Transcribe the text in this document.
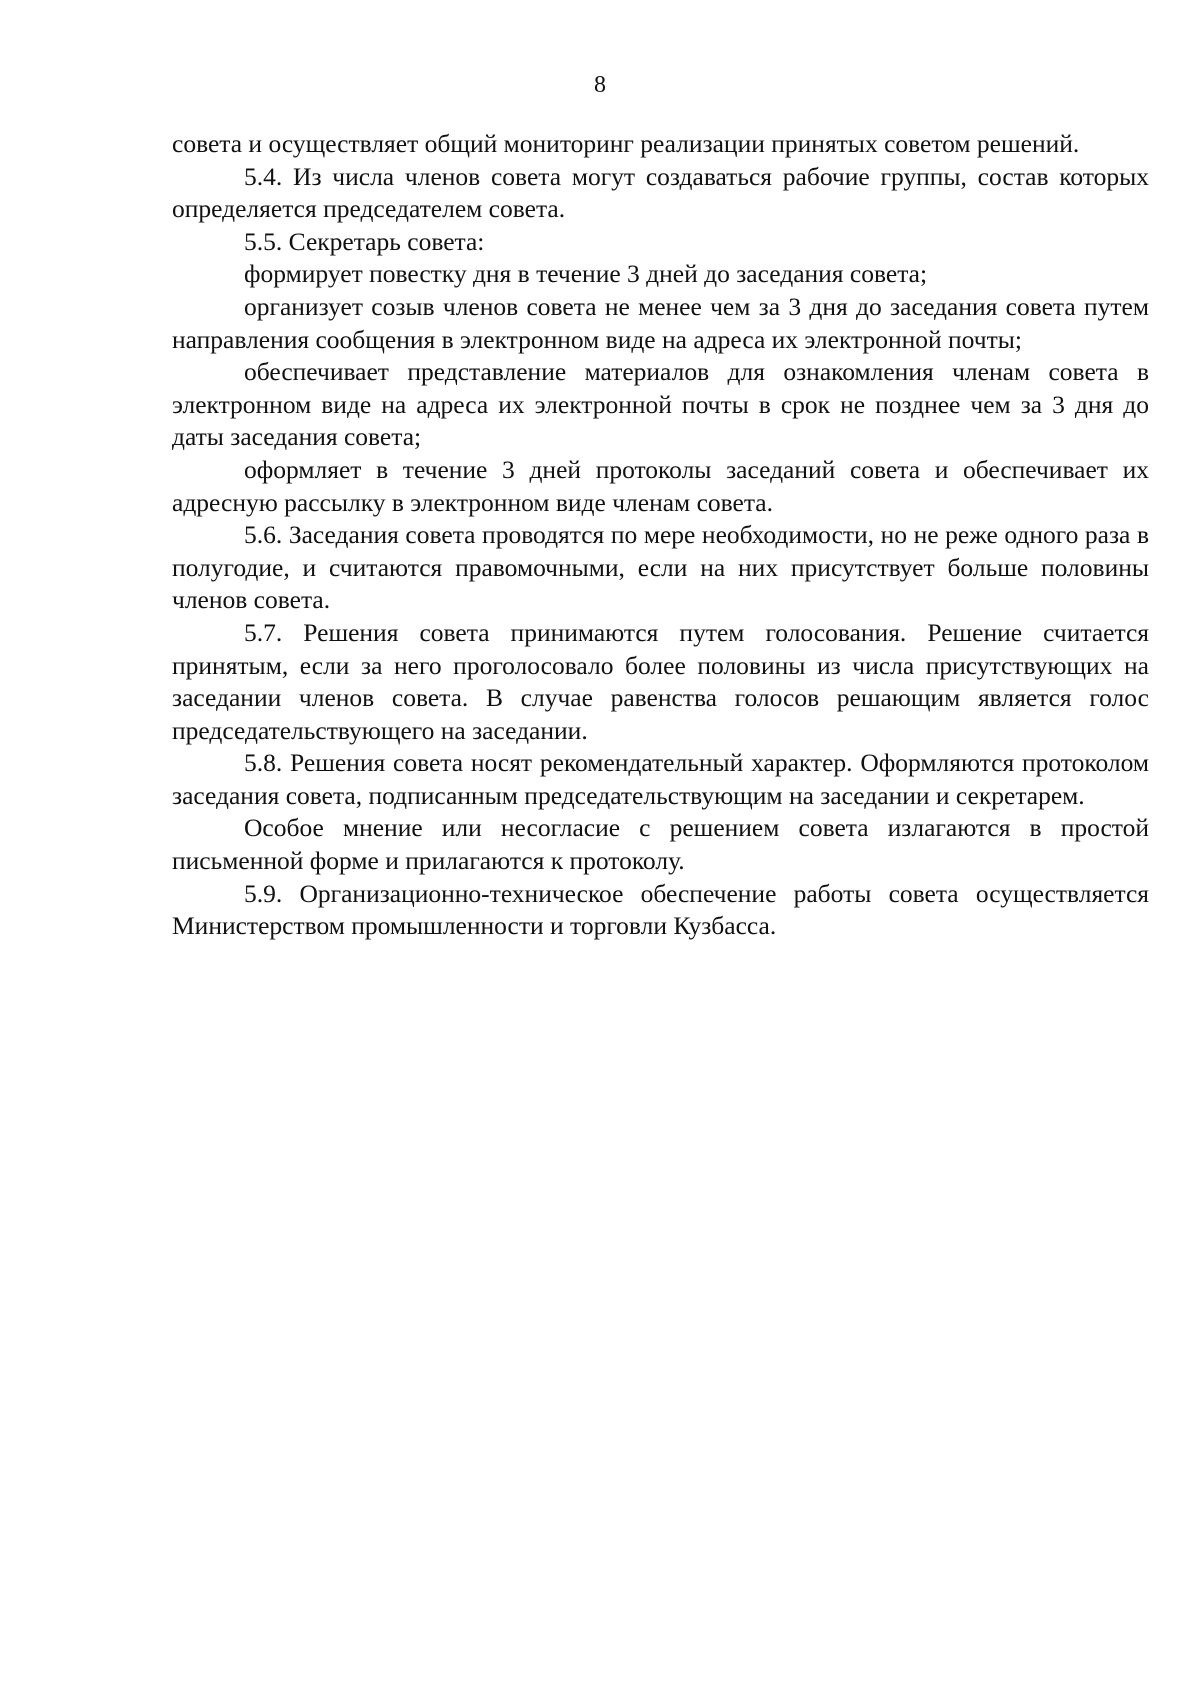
8

совета и осуществляет общий мониторинг реализации принятых советом решений.

5.4. Из числа членов совета могут создаваться рабочие группы, состав которых определяется председателем совета.

5.5. Секретарь совета:

формирует повестку дня в течение 3 дней до заседания совета;

организует созыв членов совета не менее чем за 3 дня до заседания совета путем направления сообщения в электронном виде на адреса их электронной почты;

обеспечивает представление материалов для ознакомления членам совета в электронном виде на адреса их электронной почты в срок не позднее чем за 3 дня до даты заседания совета;

оформляет в течение 3 дней протоколы заседаний совета и обеспечивает их адресную рассылку в электронном виде членам совета.

5.6. Заседания совета проводятся по мере необходимости, но не реже одного раза в полугодие, и считаются правомочными, если на них присутствует больше половины членов совета.

5.7. Решения совета принимаются путем голосования. Решение считается принятым, если за него проголосовало более половины из числа присутствующих на заседании членов совета. В случае равенства голосов решающим является голос председательствующего на заседании.

5.8. Решения совета носят рекомендательный характер. Оформляются протоколом заседания совета, подписанным председательствующим на заседании и секретарем.

Особое мнение или несогласие с решением совета излагаются в простой письменной форме и прилагаются к протоколу.

5.9. Организационно-техническое обеспечение работы совета осуществляется Министерством промышленности и торговли Кузбасса.
